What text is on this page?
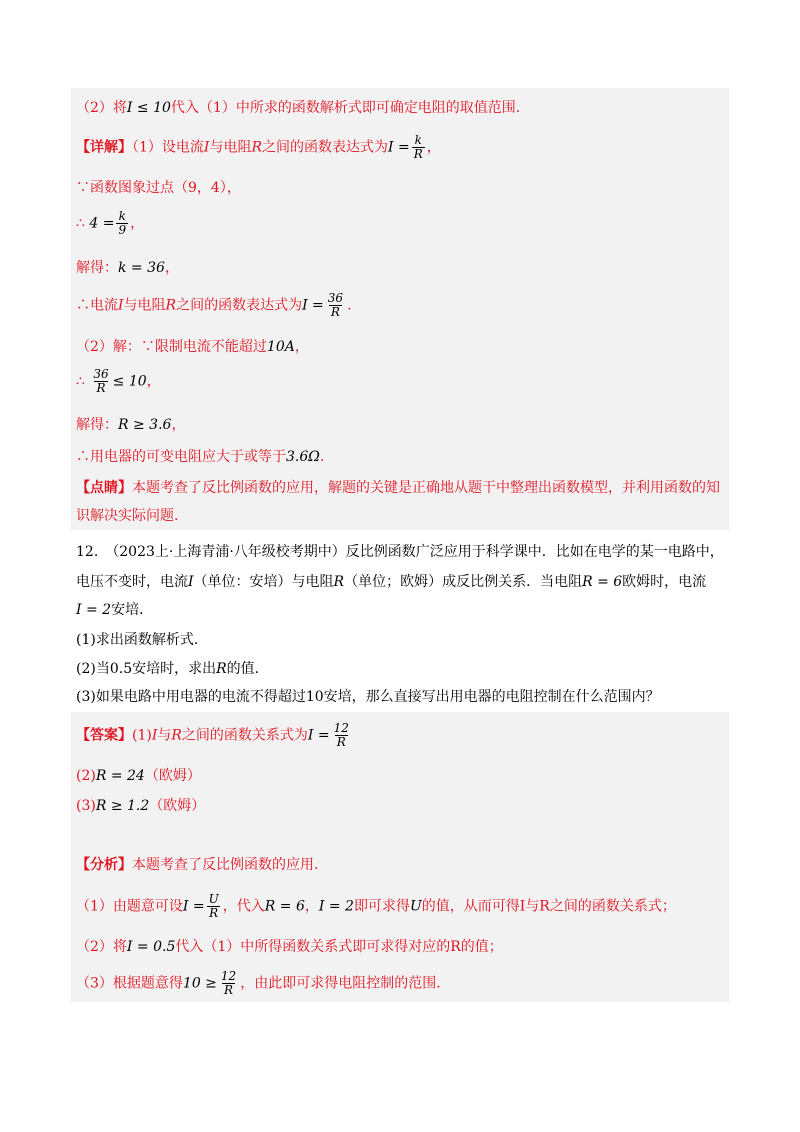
（2）将I ≤ 10代入（1）中所求的函数解析式即可确定电阻的取值范围.
【详解】（1）设电流I与电阻R之间的函数表达式为$I = \frac{k}{R}$ ，
∵函数图象过点（9，4），
∴ $4 = \frac{k}{9}$ ，
解得：k = 36，
∴电流I与电阻R之间的函数表达式为$I = \frac{36}{R}$ .
（2）解：∵限制电流不能超过10A，
∴ $\frac{36}{R} \le 10$，
解得：R ≥ 3.6，
∴用电器的可变电阻应大于或等于3.6Ω.
【点睛】本题考查了反比例函数的应用，解题的关键是正确地从题干中整理出函数模型，并利用函数的知
识解决实际问题.
12.　（2023上·上海青浦·八年级校考期中）反比例函数广泛应用于科学课中．比如在电学的某一电路中，
电压不变时，电流I（单位：安培）与电阻R（单位；欧姆）成反比例关系．当电阻R = 6欧姆时，电流
I = 2安培．
(1)求出函数解析式．
(2)当0.5安培时，求出R的值．
(3)如果电路中用电器的电流不得超过10安培，那么直接写出用电器的电阻控制在什么范围内？
【答案】(1)I与R之间的函数关系式为$I = \frac{12}{R}$
(2)R = 24（欧姆）
(3)R ≥ 1.2（欧姆）
【分析】本题考查了反比例函数的应用.
（1）由题意可设$I = \frac{U}{R}$ ，代入R = 6，I = 2即可求得U的值，从而可得I与R之间的函数关系式；
（2）将I = 0.5代入（1）中所得函数关系式即可求得对应的R的值；
（3）根据题意得$10 \ge \frac{12}{R}$ ，由此即可求得电阻控制的范围.
